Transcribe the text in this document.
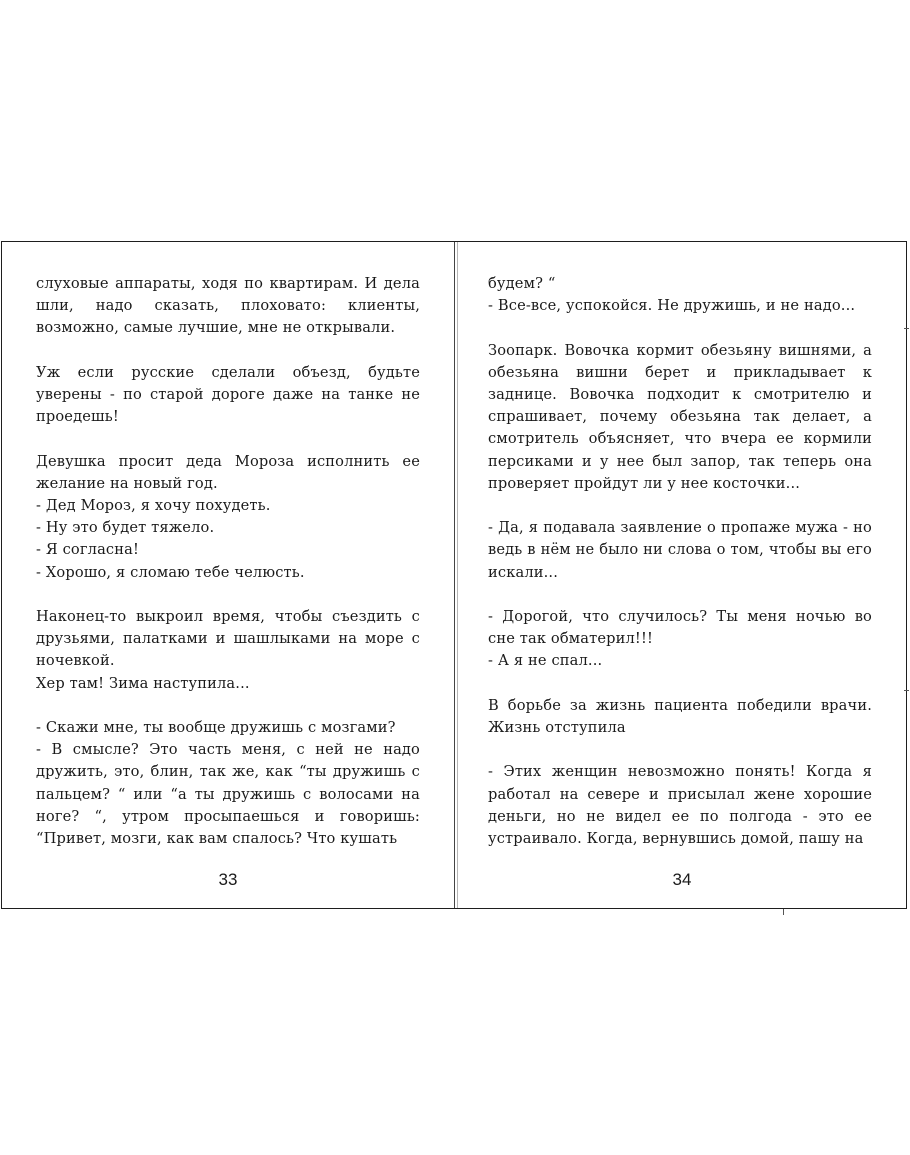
слуховые аппараты, ходя по квартирам. И дела шли, надо сказать, плоховато: клиенты, возможно, самые лучшие, мне не открывали.

Уж если русские сделали объезд, будьте уверены - по старой дороге даже на танке не проедешь!

Девушка просит деда Мороза исполнить ее желание на новый год.

- Дед Мороз, я хочу похудеть.

- Ну это будет тяжело.

- Я согласна!

- Хорошо, я сломаю тебе челюсть.

Наконец-то выкроил время, чтобы съездить с друзьями, палатками и шашлыками на море с ночевкой.

Хер там! Зима наступила...

- Скажи мне, ты вообще дружишь с мозгами?

- В смысле? Это часть меня, с ней не надо дружить, это, блин, так же, как “ты дружишь с пальцем? “ или “а ты дружишь с волосами на ноге? “, утром просыпаешься и говоришь: “Привет, мозги, как вам спалось? Что кушать

будем? “

- Все-все, успокойся. Не дружишь, и не надо...

Зоопарк. Вовочка кормит обезьяну вишнями, а обезьяна вишни берет и прикладывает к заднице. Вовочка подходит к смотрителю и спрашивает, почему обезьяна так делает, а смотритель объясняет, что вчера ее кормили персиками и у нее был запор, так теперь она проверяет пройдут ли у нее косточки...

- Да, я подавала заявление о пропаже мужа - но ведь в нём не было ни слова о том, чтобы вы его искали...

- Дорогой, что случилось? Ты меня ночью во сне так обматерил!!!

- А я не спал...

В борьбе за жизнь пациента победили врачи. Жизнь отступила

- Этих женщин невозможно понять! Когда я работал на севере и присылал жене хорошие деньги, но не видел ее по полгода - это ее устраивало. Когда, вернувшись домой, пашу на

33	34
